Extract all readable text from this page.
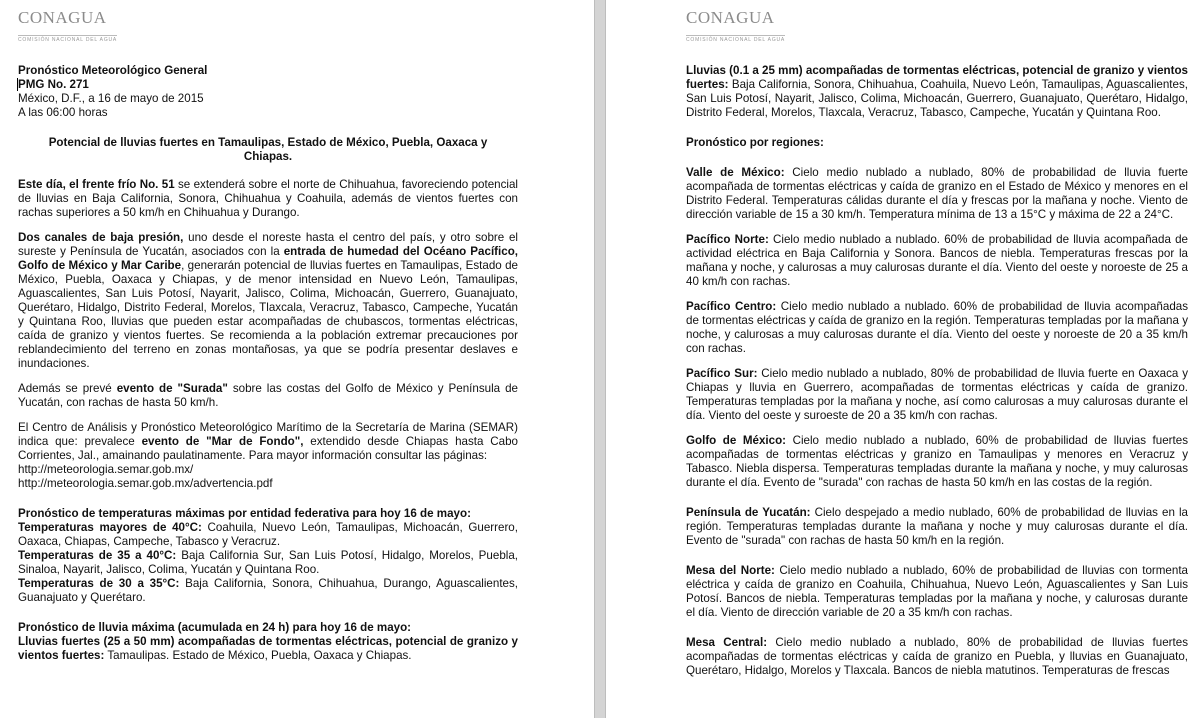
CONAGUA
COMISIÓN NACIONAL DEL AGUA

Pronóstico Meteorológico General

PMG No. 271

México, D.F., a 16 de mayo de 2015

A las 06:00 horas

Potencial de lluvias fuertes en Tamaulipas, Estado de México, Puebla, Oaxaca y Chiapas.

Este día, el frente frío No. 51 se extenderá sobre el norte de Chihuahua, favoreciendo potencial de lluvias en Baja California, Sonora, Chihuahua y Coahuila, además de vientos fuertes con rachas superiores a 50 km/h en Chihuahua y Durango.

Dos canales de baja presión, uno desde el noreste hasta el centro del país, y otro sobre el sureste y Península de Yucatán, asociados con la entrada de humedad del Océano Pacífico, Golfo de México y Mar Caribe, generarán potencial de lluvias fuertes en Tamaulipas, Estado de México, Puebla, Oaxaca y Chiapas, y de menor intensidad en Nuevo León, Tamaulipas, Aguascalientes, San Luis Potosí, Nayarit, Jalisco, Colima, Michoacán, Guerrero, Guanajuato, Querétaro, Hidalgo, Distrito Federal, Morelos, Tlaxcala, Veracruz, Tabasco, Campeche, Yucatán y Quintana Roo, lluvias que pueden estar acompañadas de chubascos, tormentas eléctricas, caída de granizo y vientos fuertes. Se recomienda a la población extremar precauciones por reblandecimiento del terreno en zonas montañosas, ya que se podría presentar deslaves e inundaciones.

Además se prevé evento de "Surada" sobre las costas del Golfo de México y Península de Yucatán, con rachas de hasta 50 km/h.

El Centro de Análisis y Pronóstico Meteorológico Marítimo de la Secretaría de Marina (SEMAR) indica que: prevalece evento de "Mar de Fondo", extendido desde Chiapas hasta Cabo Corrientes, Jal., amainando paulatinamente. Para mayor información consultar las páginas:

http://meteorologia.semar.gob.mx/

http://meteorologia.semar.gob.mx/advertencia.pdf

Pronóstico de temperaturas máximas por entidad federativa para hoy 16 de mayo:

Temperaturas mayores de 40°C: Coahuila, Nuevo León, Tamaulipas, Michoacán, Guerrero, Oaxaca, Chiapas, Campeche, Tabasco y Veracruz.

Temperaturas de 35 a 40°C: Baja California Sur, San Luis Potosí, Hidalgo, Morelos, Puebla, Sinaloa, Nayarit, Jalisco, Colima, Yucatán y Quintana Roo.

Temperaturas de 30 a 35°C: Baja California, Sonora, Chihuahua, Durango, Aguascalientes, Guanajuato y Querétaro.

Pronóstico de lluvia máxima (acumulada en 24 h) para hoy 16 de mayo:

Lluvias fuertes (25 a 50 mm) acompañadas de tormentas eléctricas, potencial de granizo y vientos fuertes: Tamaulipas. Estado de México, Puebla, Oaxaca y Chiapas.

CONAGUA
COMISIÓN NACIONAL DEL AGUA

Lluvias (0.1 a 25 mm) acompañadas de tormentas eléctricas, potencial de granizo y vientos fuertes: Baja California, Sonora, Chihuahua, Coahuila, Nuevo León, Tamaulipas, Aguascalientes, San Luis Potosí, Nayarit, Jalisco, Colima, Michoacán, Guerrero, Guanajuato, Querétaro, Hidalgo, Distrito Federal, Morelos, Tlaxcala, Veracruz, Tabasco, Campeche, Yucatán y Quintana Roo.

Pronóstico por regiones:

Valle de México: Cielo medio nublado a nublado, 80% de probabilidad de lluvia fuerte acompañada de tormentas eléctricas y caída de granizo en el Estado de México y menores en el Distrito Federal. Temperaturas cálidas durante el día y frescas por la mañana y noche. Viento de dirección variable de 15 a 30 km/h. Temperatura mínima de 13 a 15°C y máxima de 22 a 24°C.

Pacífico Norte: Cielo medio nublado a nublado. 60% de probabilidad de lluvia acompañada de actividad eléctrica en Baja California y Sonora. Bancos de niebla. Temperaturas frescas por la mañana y noche, y calurosas a muy calurosas durante el día. Viento del oeste y noroeste de 25 a 40 km/h con rachas.

Pacífico Centro: Cielo medio nublado a nublado. 60% de probabilidad de lluvia acompañadas de tormentas eléctricas y caída de granizo en la región. Temperaturas templadas por la mañana y noche, y calurosas a muy calurosas durante el día. Viento del oeste y noroeste de 20 a 35 km/h con rachas.

Pacífico Sur: Cielo medio nublado a nublado, 80% de probabilidad de lluvia fuerte en Oaxaca y Chiapas y lluvia en Guerrero, acompañadas de tormentas eléctricas y caída de granizo. Temperaturas templadas por la mañana y noche, así como calurosas a muy calurosas durante el día. Viento del oeste y suroeste de 20 a 35 km/h con rachas.

Golfo de México: Cielo medio nublado a nublado, 60% de probabilidad de lluvias fuertes acompañadas de tormentas eléctricas y granizo en Tamaulipas y menores en Veracruz y Tabasco. Niebla dispersa. Temperaturas templadas durante la mañana y noche, y muy calurosas durante el día. Evento de "surada" con rachas de hasta 50 km/h en las costas de la región.

Península de Yucatán: Cielo despejado a medio nublado, 60% de probabilidad de lluvias en la región. Temperaturas templadas durante la mañana y noche y muy calurosas durante el día. Evento de "surada" con rachas de hasta 50 km/h en la región.

Mesa del Norte: Cielo medio nublado a nublado, 60% de probabilidad de lluvias con tormenta eléctrica y caída de granizo en Coahuila, Chihuahua, Nuevo León, Aguascalientes y San Luis Potosí. Bancos de niebla. Temperaturas templadas por la mañana y noche, y calurosas durante el día. Viento de dirección variable de 20 a 35 km/h con rachas.

Mesa Central: Cielo medio nublado a nublado, 80% de probabilidad de lluvias fuertes acompañadas de tormentas eléctricas y caída de granizo en Puebla, y lluvias en Guanajuato, Querétaro, Hidalgo, Morelos y Tlaxcala. Bancos de niebla matutinos. Temperaturas de frescas
